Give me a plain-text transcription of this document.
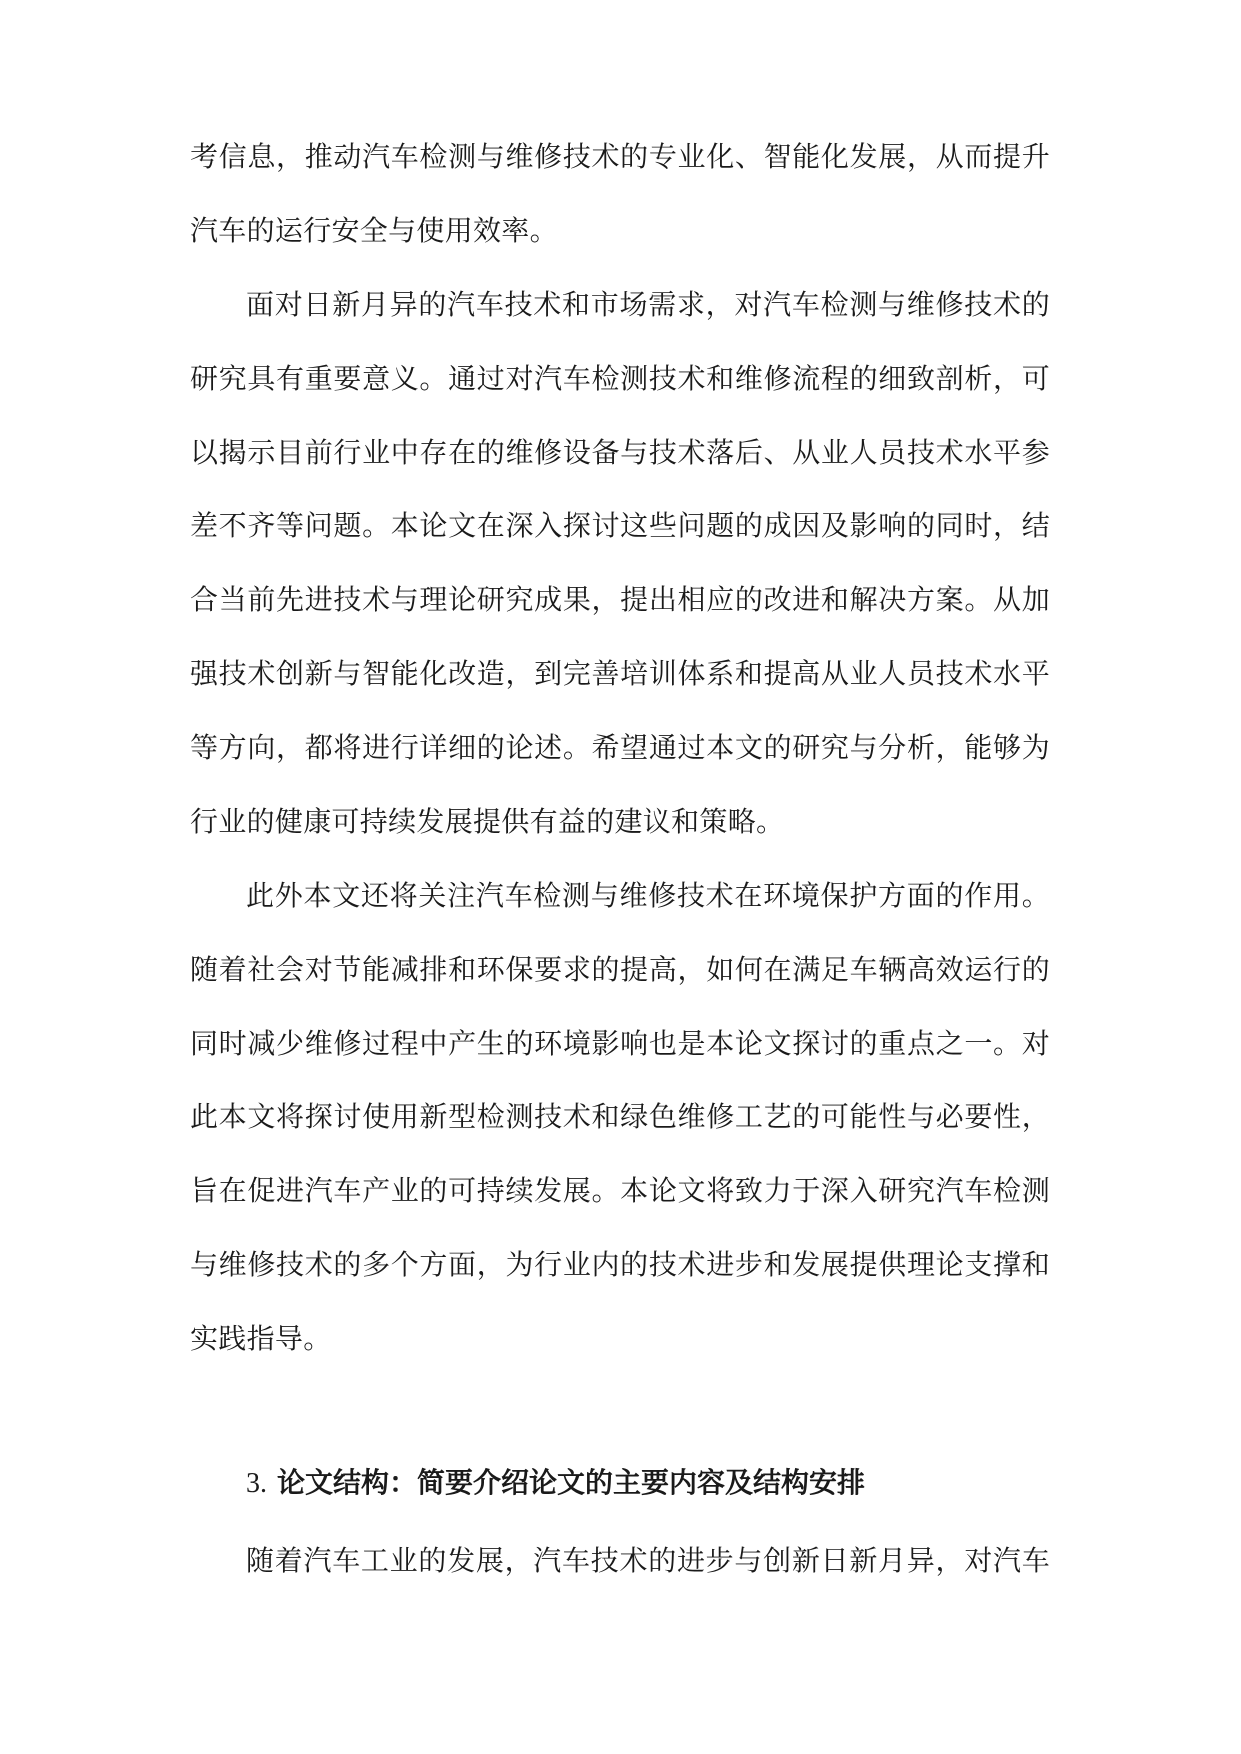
考信息，推动汽车检测与维修技术的专业化、智能化发展，从而提升
汽车的运行安全与使用效率。
面对日新月异的汽车技术和市场需求，对汽车检测与维修技术的
研究具有重要意义。通过对汽车检测技术和维修流程的细致剖析，可
以揭示目前行业中存在的维修设备与技术落后、从业人员技术水平参
差不齐等问题。本论文在深入探讨这些问题的成因及影响的同时，结
合当前先进技术与理论研究成果，提出相应的改进和解决方案。从加
强技术创新与智能化改造，到完善培训体系和提高从业人员技术水平
等方向，都将进行详细的论述。希望通过本文的研究与分析，能够为
行业的健康可持续发展提供有益的建议和策略。
此外本文还将关注汽车检测与维修技术在环境保护方面的作用。
随着社会对节能减排和环保要求的提高，如何在满足车辆高效运行的
同时减少维修过程中产生的环境影响也是本论文探讨的重点之一。对
此本文将探讨使用新型检测技术和绿色维修工艺的可能性与必要性，
旨在促进汽车产业的可持续发展。本论文将致力于深入研究汽车检测
与维修技术的多个方面，为行业内的技术进步和发展提供理论支撑和
实践指导。
3. 论文结构：简要介绍论文的主要内容及结构安排
随着汽车工业的发展，汽车技术的进步与创新日新月异，对汽车
